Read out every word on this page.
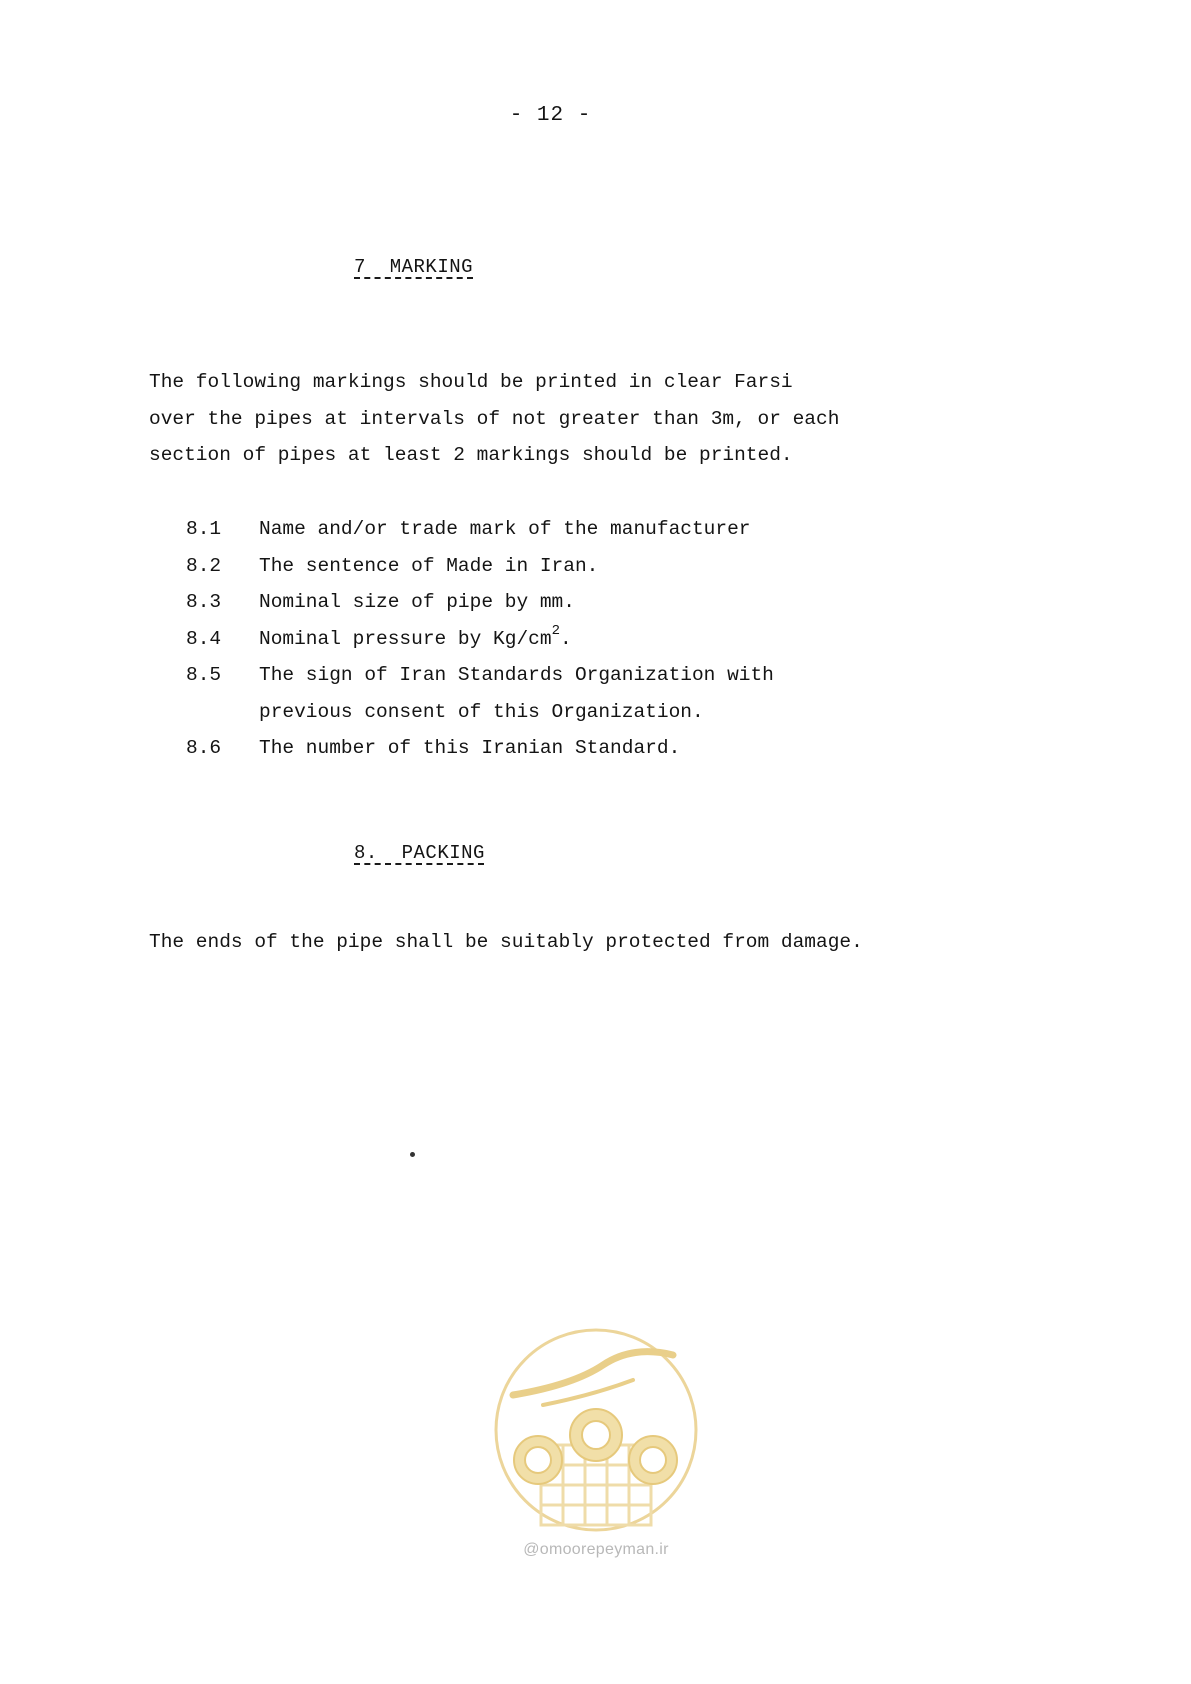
- 12 -
7  MARKING

The following markings should be printed in clear Farsi
over the pipes at intervals of not greater than 3m, or each
section of pipes at least 2 markings should be printed.

8.1	Name and/or trade mark of the manufacturer
8.2	The sentence of Made in Iran.
8.3	Nominal size of pipe by mm.
8.4	Nominal pressure by $Kg/cm^2$.
8.5	The sign of Iran Standards Organization with
previous consent of this Organization.
8.6	The number of this Iranian Standard.
8.  PACKING

The ends of the pipe shall be suitably protected from damage.

@omoorepeyman.ir
